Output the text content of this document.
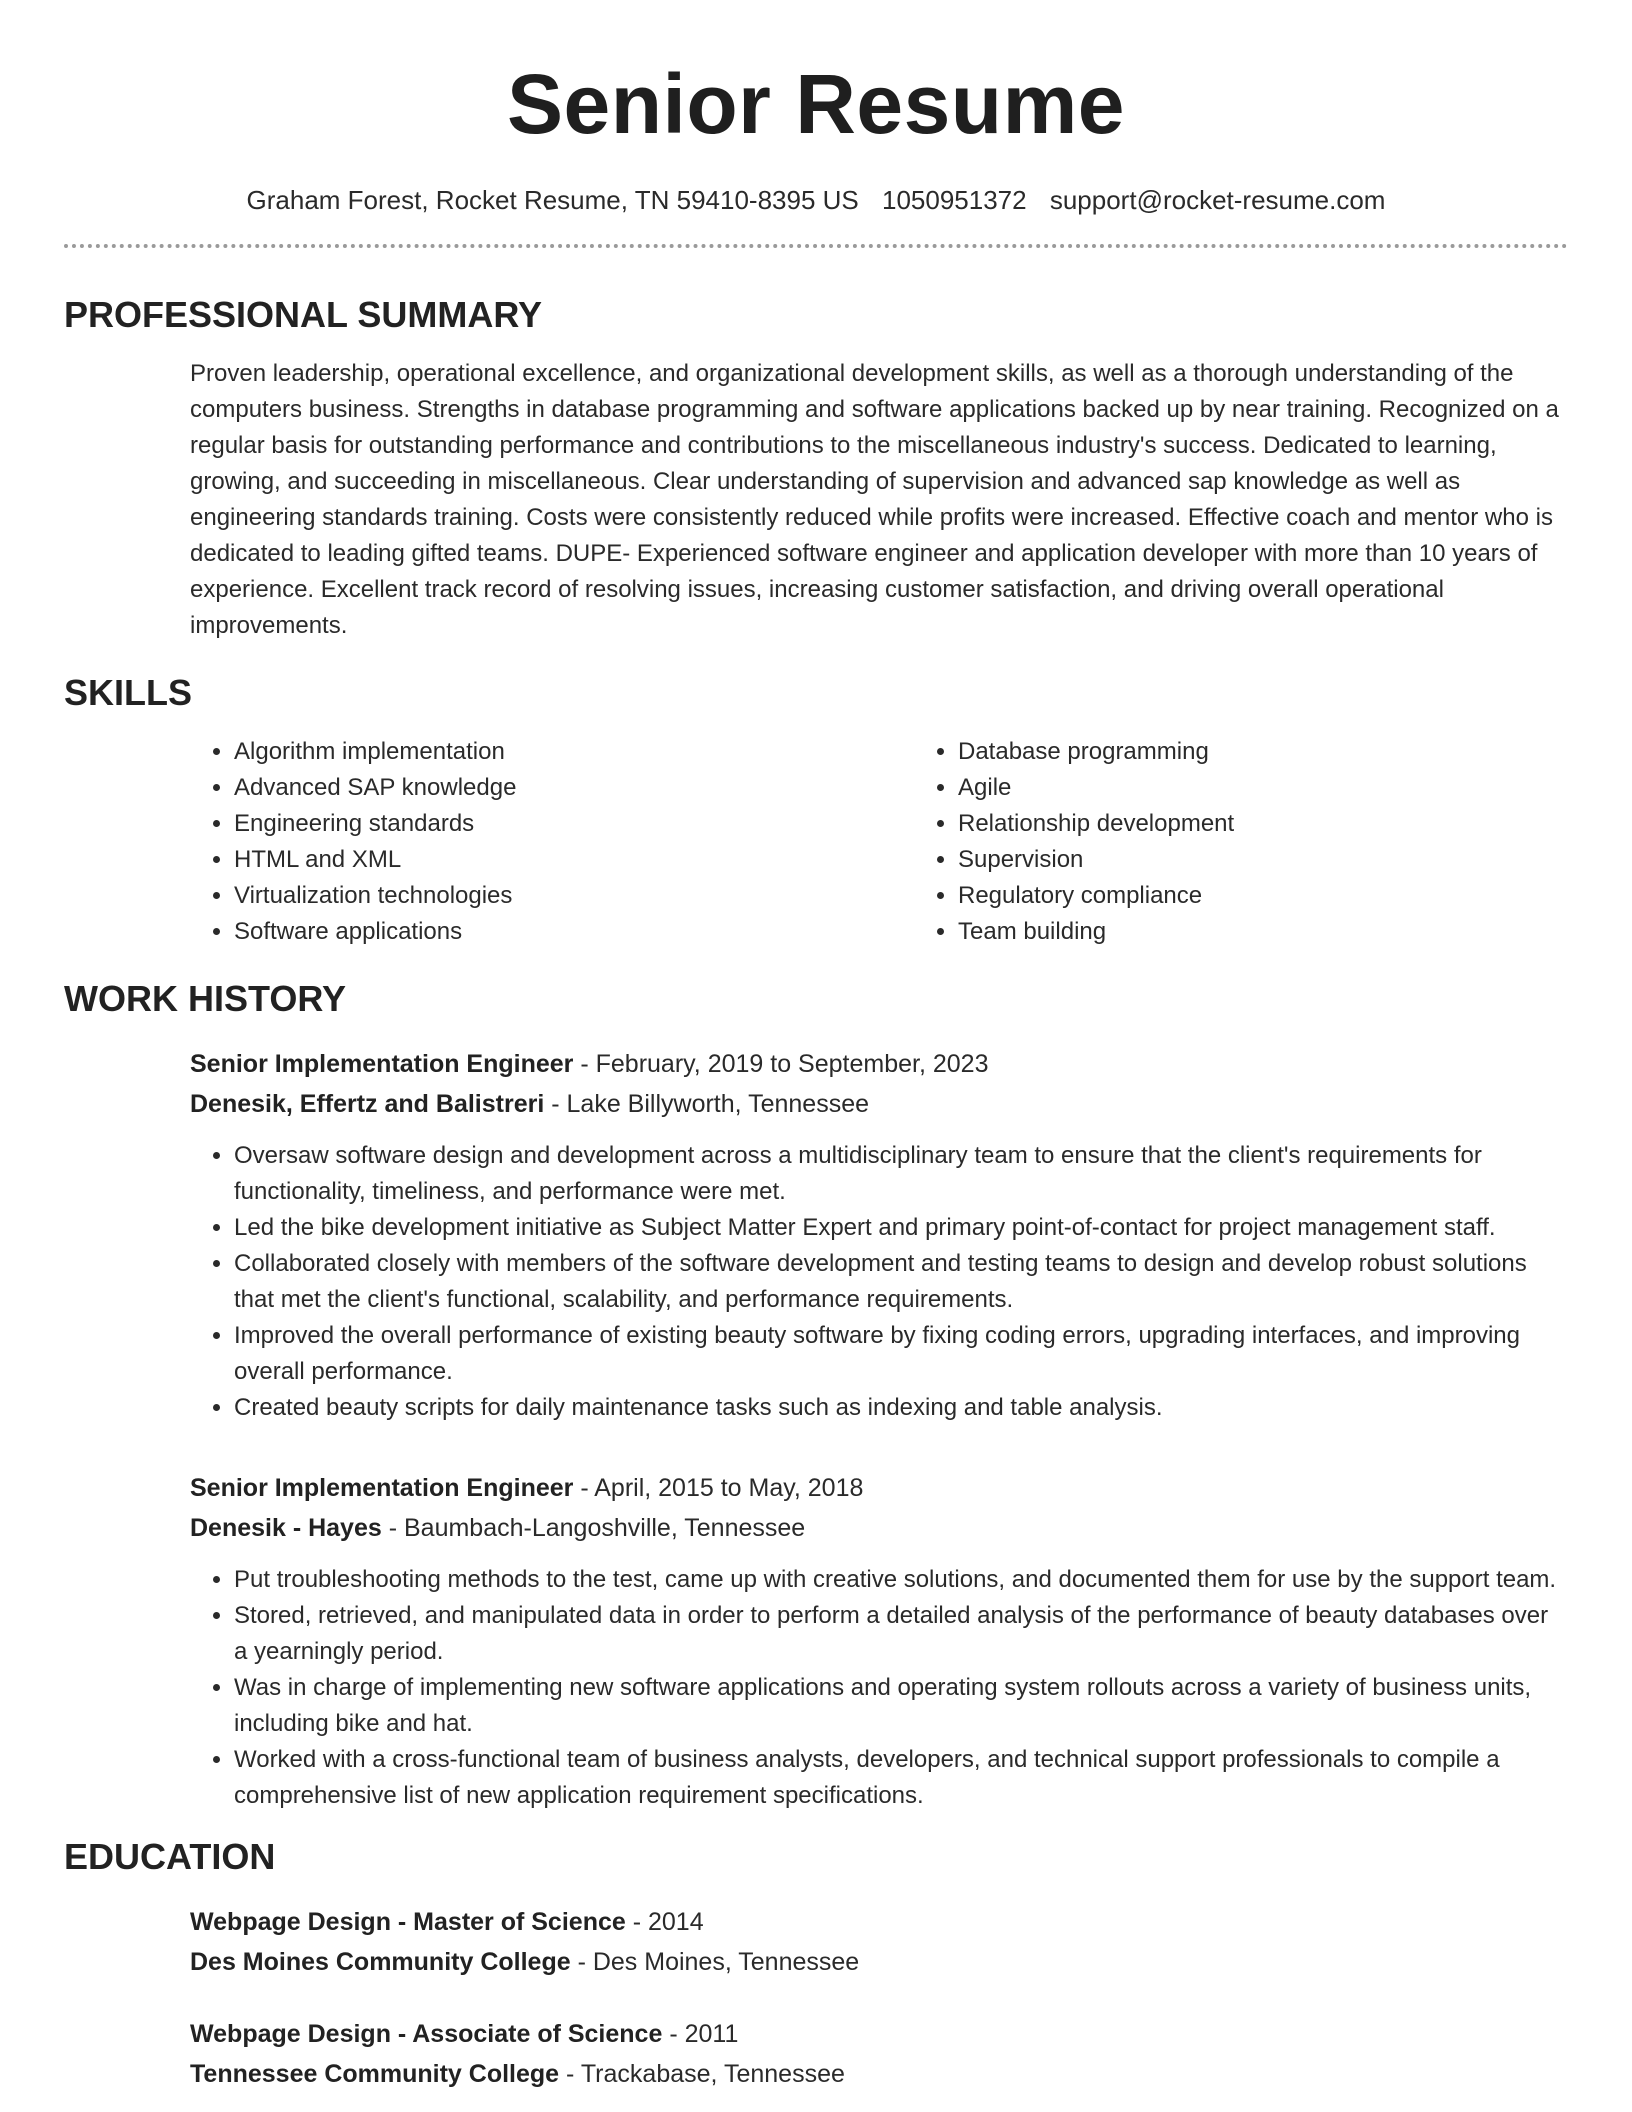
Senior Resume
Graham Forest, Rocket Resume, TN 59410-8395 US 1050951372 support@rocket-resume.com
PROFESSIONAL SUMMARY
Proven leadership, operational excellence, and organizational development skills, as well as a thorough understanding of the computers business. Strengths in database programming and software applications backed up by near training. Recognized on a regular basis for outstanding performance and contributions to the miscellaneous industry's success. Dedicated to learning, growing, and succeeding in miscellaneous. Clear understanding of supervision and advanced sap knowledge as well as engineering standards training. Costs were consistently reduced while profits were increased. Effective coach and mentor who is dedicated to leading gifted teams. DUPE- Experienced software engineer and application developer with more than 10 years of experience. Excellent track record of resolving issues, increasing customer satisfaction, and driving overall operational improvements.
SKILLS
• Algorithm implementation
• Advanced SAP knowledge
• Engineering standards
• HTML and XML
• Virtualization technologies
• Software applications
• Database programming
• Agile
• Relationship development
• Supervision
• Regulatory compliance
• Team building
WORK HISTORY
Senior Implementation Engineer - February, 2019 to September, 2023
Denesik, Effertz and Balistreri - Lake Billyworth, Tennessee
• Oversaw software design and development across a multidisciplinary team to ensure that the client's requirements for functionality, timeliness, and performance were met.
• Led the bike development initiative as Subject Matter Expert and primary point-of-contact for project management staff.
• Collaborated closely with members of the software development and testing teams to design and develop robust solutions that met the client's functional, scalability, and performance requirements.
• Improved the overall performance of existing beauty software by fixing coding errors, upgrading interfaces, and improving overall performance.
• Created beauty scripts for daily maintenance tasks such as indexing and table analysis.
Senior Implementation Engineer - April, 2015 to May, 2018
Denesik - Hayes - Baumbach-Langoshville, Tennessee
• Put troubleshooting methods to the test, came up with creative solutions, and documented them for use by the support team.
• Stored, retrieved, and manipulated data in order to perform a detailed analysis of the performance of beauty databases over a yearningly period.
• Was in charge of implementing new software applications and operating system rollouts across a variety of business units, including bike and hat.
• Worked with a cross-functional team of business analysts, developers, and technical support professionals to compile a comprehensive list of new application requirement specifications.
EDUCATION
Webpage Design - Master of Science - 2014
Des Moines Community College - Des Moines, Tennessee
Webpage Design - Associate of Science - 2011
Tennessee Community College - Trackabase, Tennessee
